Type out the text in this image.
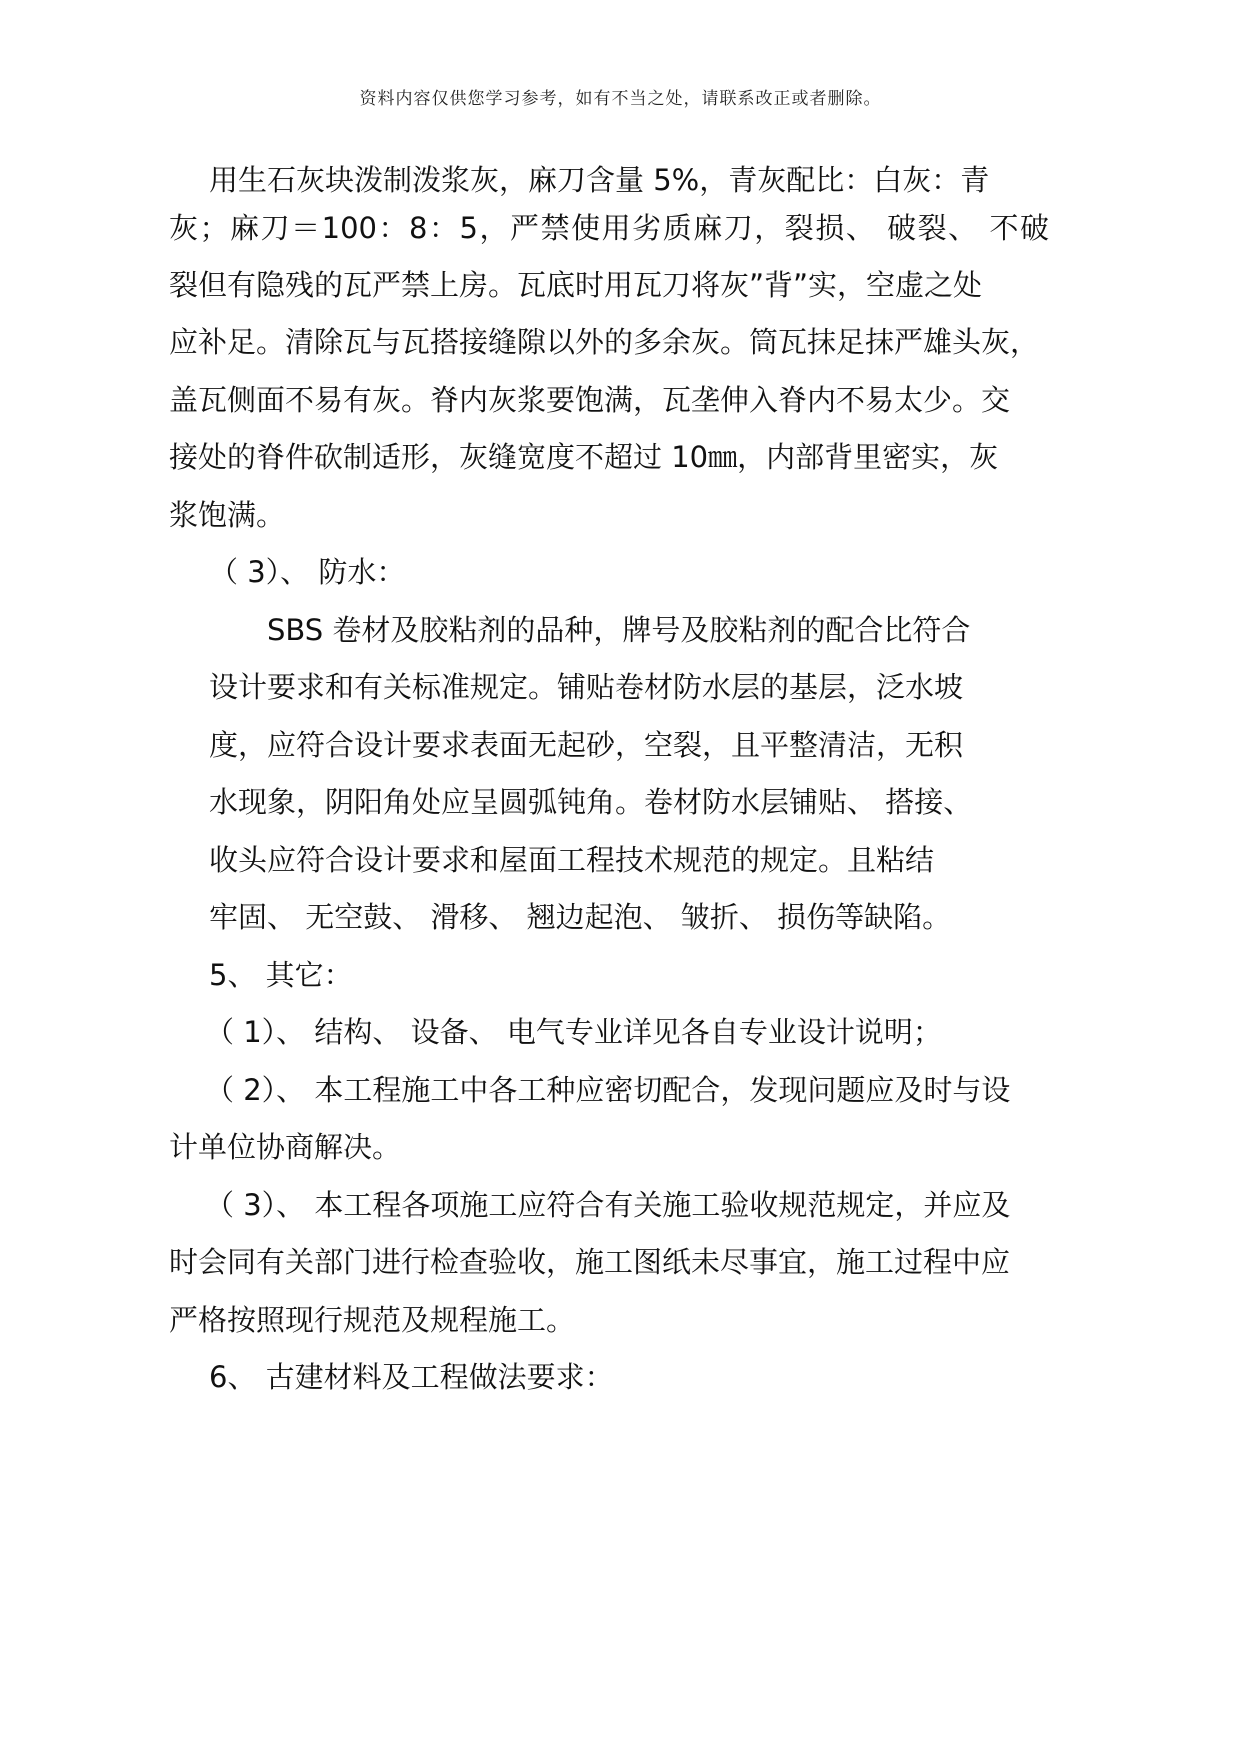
资料内容仅供您学习参考，如有不当之处，请联系改正或者删除。
用生石灰块泼制泼浆灰，麻刀含量 5%，青灰配比：白灰：青
灰；麻刀＝100：8：5，严禁使用劣质麻刀，裂损、 破裂、 不破
裂但有隐残的瓦严禁上房。瓦底时用瓦刀将灰”背”实，空虚之处
应补足。清除瓦与瓦搭接缝隙以外的多余灰。筒瓦抹足抹严雄头灰，
盖瓦侧面不易有灰。脊内灰浆要饱满，瓦垄伸入脊内不易太少。交
接处的脊件砍制适形，灰缝宽度不超过 10㎜，内部背里密实，灰
浆饱满。
（ 3）、 防水：
SBS 卷材及胶粘剂的品种，牌号及胶粘剂的配合比符合
设计要求和有关标准规定。铺贴卷材防水层的基层，泛水坡
度，应符合设计要求表面无起砂，空裂，且平整清洁，无积
水现象，阴阳角处应呈圆弧钝角。卷材防水层铺贴、 搭接、
收头应符合设计要求和屋面工程技术规范的规定。且粘结
牢固、 无空鼓、 滑移、 翘边起泡、 皱折、 损伤等缺陷。
5、 其它：
（ 1）、 结构、 设备、 电气专业详见各自专业设计说明；
（ 2）、 本工程施工中各工种应密切配合，发现问题应及时与设
计单位协商解决。
（ 3）、 本工程各项施工应符合有关施工验收规范规定，并应及
时会同有关部门进行检查验收，施工图纸未尽事宜，施工过程中应
严格按照现行规范及规程施工。
6、 古建材料及工程做法要求：
